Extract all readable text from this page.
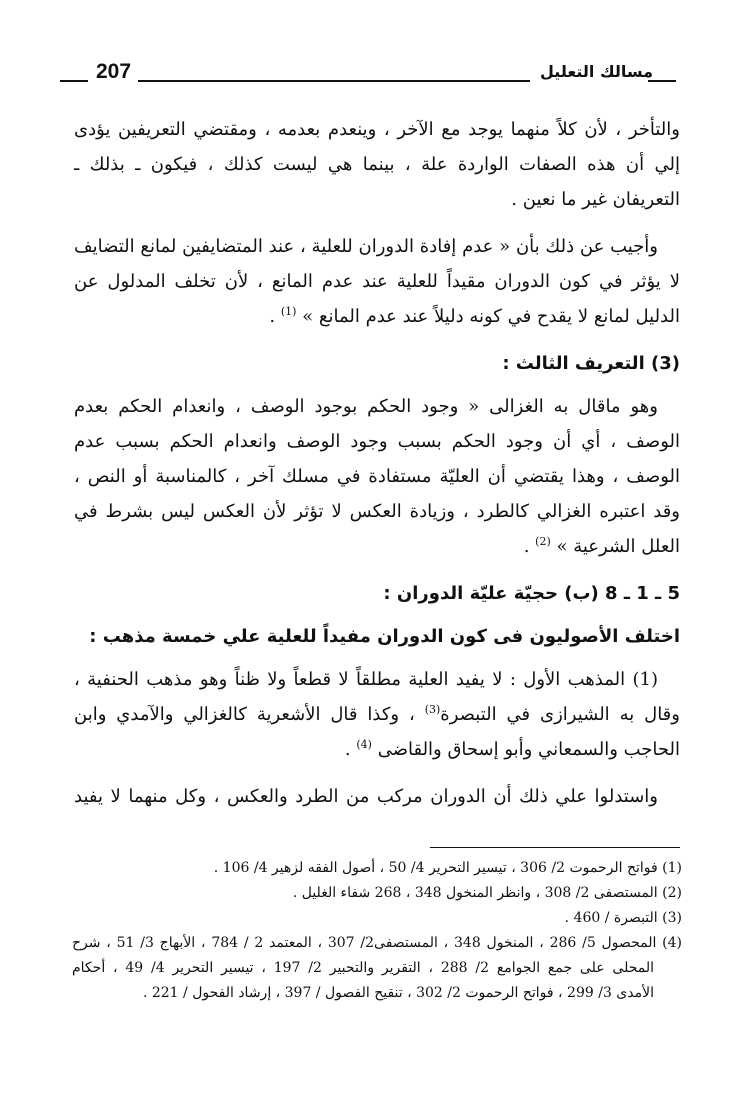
207	مسالك التعليل

والتأخر ، لأن كلاً منهما يوجد مع الآخر ، وينعدم بعدمه ، ومقتضي التعريفين يؤدى إلي أن هذه الصفات الواردة علة ، بينما هي ليست كذلك ، فيكون ـ بذلك ـ التعريفان غير ما نعين .

وأجيب عن ذلك بأن « عدم إفادة الدوران للعلية ، عند المتضايفين لمانع التضايف لا يؤثر في كون الدوران مقيداً للعلية عند عدم المانع ، لأن تخلف المدلول عن الدليل لمانع لا يقدح في كونه دليلاً عند عدم المانع » $^{(1)}$ .

(3) التعريف الثالث :

وهو ماقال به الغزالى « وجود الحكم بوجود الوصف ، وانعدام الحكم بعدم الوصف ، أي أن وجود الحكم بسبب وجود الوصف وانعدام الحكم بسبب عدم الوصف ، وهذا يقتضي أن العليّة مستفادة في مسلك آخر ، كالمناسبة أو النص ، وقد اعتبره الغزالي كالطرد ، وزيادة العكس لا تؤثر لأن العكس ليس بشرط في العلل الشرعية » $^{(2)}$ .

5 ـ 1 ـ 8 (ب) حجيّة عليّة الدوران :
اختلف الأصوليون فى كون الدوران مفيداً للعلية علي خمسة مذهب :

(1) المذهب الأول : لا يفيد العلية مطلقاً لا قطعاً ولا ظناً وهو مذهب الحنفية ، وقال به الشيرازى في التبصرة$^{(3)}$ ، وكذا قال الأشعرية كالغزالي والآمدي وابن الحاجب والسمعاني وأبو إسحاق والقاضى $^{(4)}$ .

واستدلوا علي ذلك أن الدوران مركب من الطرد والعكس ، وكل منهما لا يفيد

(1) فواتح الرحموت 2/ 306 ، تيسير التحرير 4/ 50 ، أصول الفقه لزهير 4/ 106 .
(2) المستصفى 2/ 308 ، وانظر المنخول 348 ، 268 شفاء الغليل .
(3) التبصرة / 460 .
(4) المحصول 5/ 286 ، المنخول 348 ، المستصفى2/ 307 ، المعتمد 2 / 784 ، الأبهاج 3/ 51 ، شرح
المحلى على جمع الجوامع 2/ 288 ، التقرير والتحبير 2/ 197 ، تيسير التحرير 4/ 49 ، أحكام
الأمدى 3/ 299 ، فواتح الرحموت 2/ 302 ، تنقيح الفصول / 397 ، إرشاد الفحول / 221 .
